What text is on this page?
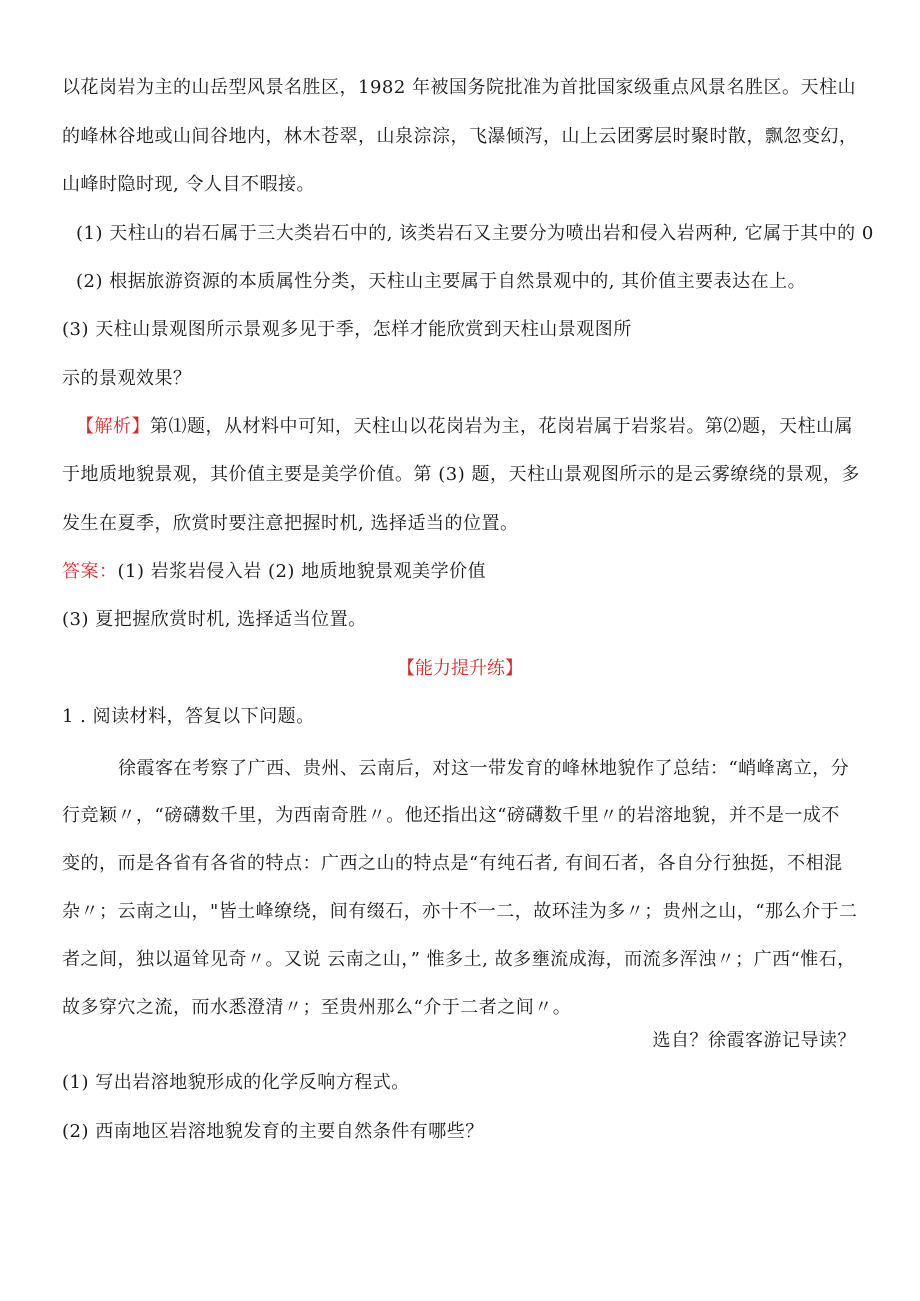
以花岗岩为主的山岳型风景名胜区，1982 年被国务院批准为首批国家级重点风景名胜区。天柱山
的峰林谷地或山间谷地内，林木苍翠，山泉淙淙，飞瀑倾泻，山上云团雾层时聚时散，飘忽变幻，
山峰时隐时现, 令人目不暇接。
(1) 天柱山的岩石属于三大类岩石中的, 该类岩石又主要分为喷出岩和侵入岩两种, 它属于其中的 0
(2) 根据旅游资源的本质属性分类，天柱山主要属于自然景观中的, 其价值主要表达在上。
(3) 天柱山景观图所示景观多见于季，怎样才能欣赏到天柱山景观图所
示的景观效果？
【解析】第⑴题，从材料中可知，天柱山以花岗岩为主，花岗岩属于岩浆岩。第⑵题，天柱山属
于地质地貌景观，其价值主要是美学价值。第 (3) 题，天柱山景观图所示的是云雾缭绕的景观，多
发生在夏季，欣赏时要注意把握时机, 选择适当的位置。
答案：(1) 岩浆岩侵入岩 (2) 地质地貌景观美学价值
(3) 夏把握欣赏时机, 选择适当位置。
【能力提升练】
1 . 阅读材料，答复以下问题。
徐霞客在考察了广西、贵州、云南后，对这一带发育的峰林地貌作了总结：“峭峰离立，分
行竞颖〃，“磅礴数千里，为西南奇胜〃。他还指出这“磅礴数千里〃的岩溶地貌，并不是一成不
变的，而是各省有各省的特点：广西之山的特点是“有纯石者, 有间石者，各自分行独挺，不相混
杂〃；云南之山，"皆土峰缭绕，间有缀石，亦十不一二，故环洼为多〃；贵州之山，“那么介于二
者之间，独以逼耸见奇〃。又说 云南之山，” 惟多土, 故多壅流成海，而流多浑浊〃；广西“惟石，
故多穿穴之流，而水悉澄清〃；至贵州那么“介于二者之间〃。
选自？徐霞客游记导读？
(1) 写出岩溶地貌形成的化学反响方程式。
(2) 西南地区岩溶地貌发育的主要自然条件有哪些？
